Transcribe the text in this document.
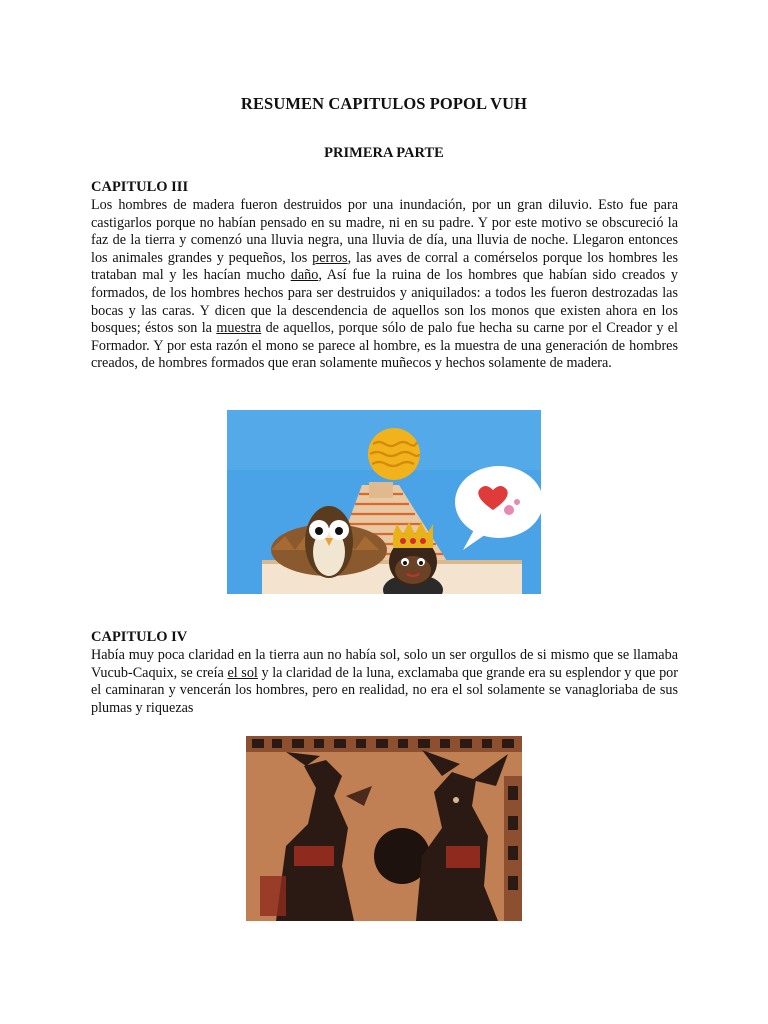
RESUMEN CAPITULOS POPOL VUH
PRIMERA PARTE
CAPITULO III
Los hombres de madera fueron destruidos por una inundación, por un gran diluvio. Esto fue para castigarlos porque no habían pensado en su madre, ni en su padre. Y por este motivo se obscureció la faz de la tierra y comenzó una lluvia negra, una lluvia de día, una lluvia de noche. Llegaron entonces los animales grandes y pequeños, los perros, las aves de corral a comérselos porque los hombres les trataban mal y les hacían mucho daño, Así fue la ruina de los hombres que habían sido creados y formados, de los hombres hechos para ser destruidos y aniquilados: a todos les fueron destrozadas las bocas y las caras. Y dicen que la descendencia de aquellos son los monos que existen ahora en los bosques; éstos son la muestra de aquellos, porque sólo de palo fue hecha su carne por el Creador y el Formador. Y por esta razón el mono se parece al hombre, es la muestra de una generación de hombres creados, de hombres formados que eran solamente muñecos y hechos solamente de madera.
CAPITULO IV
Había muy poca claridad en la tierra aun no había sol, solo un ser orgullos de si mismo que se llamaba Vucub-Caquix, se creía el sol y la claridad de la luna, exclamaba que grande era su esplendor y que por el caminaran y vencerán los hombres, pero en realidad, no era el sol solamente se vanagloriaba de sus plumas y riquezas
